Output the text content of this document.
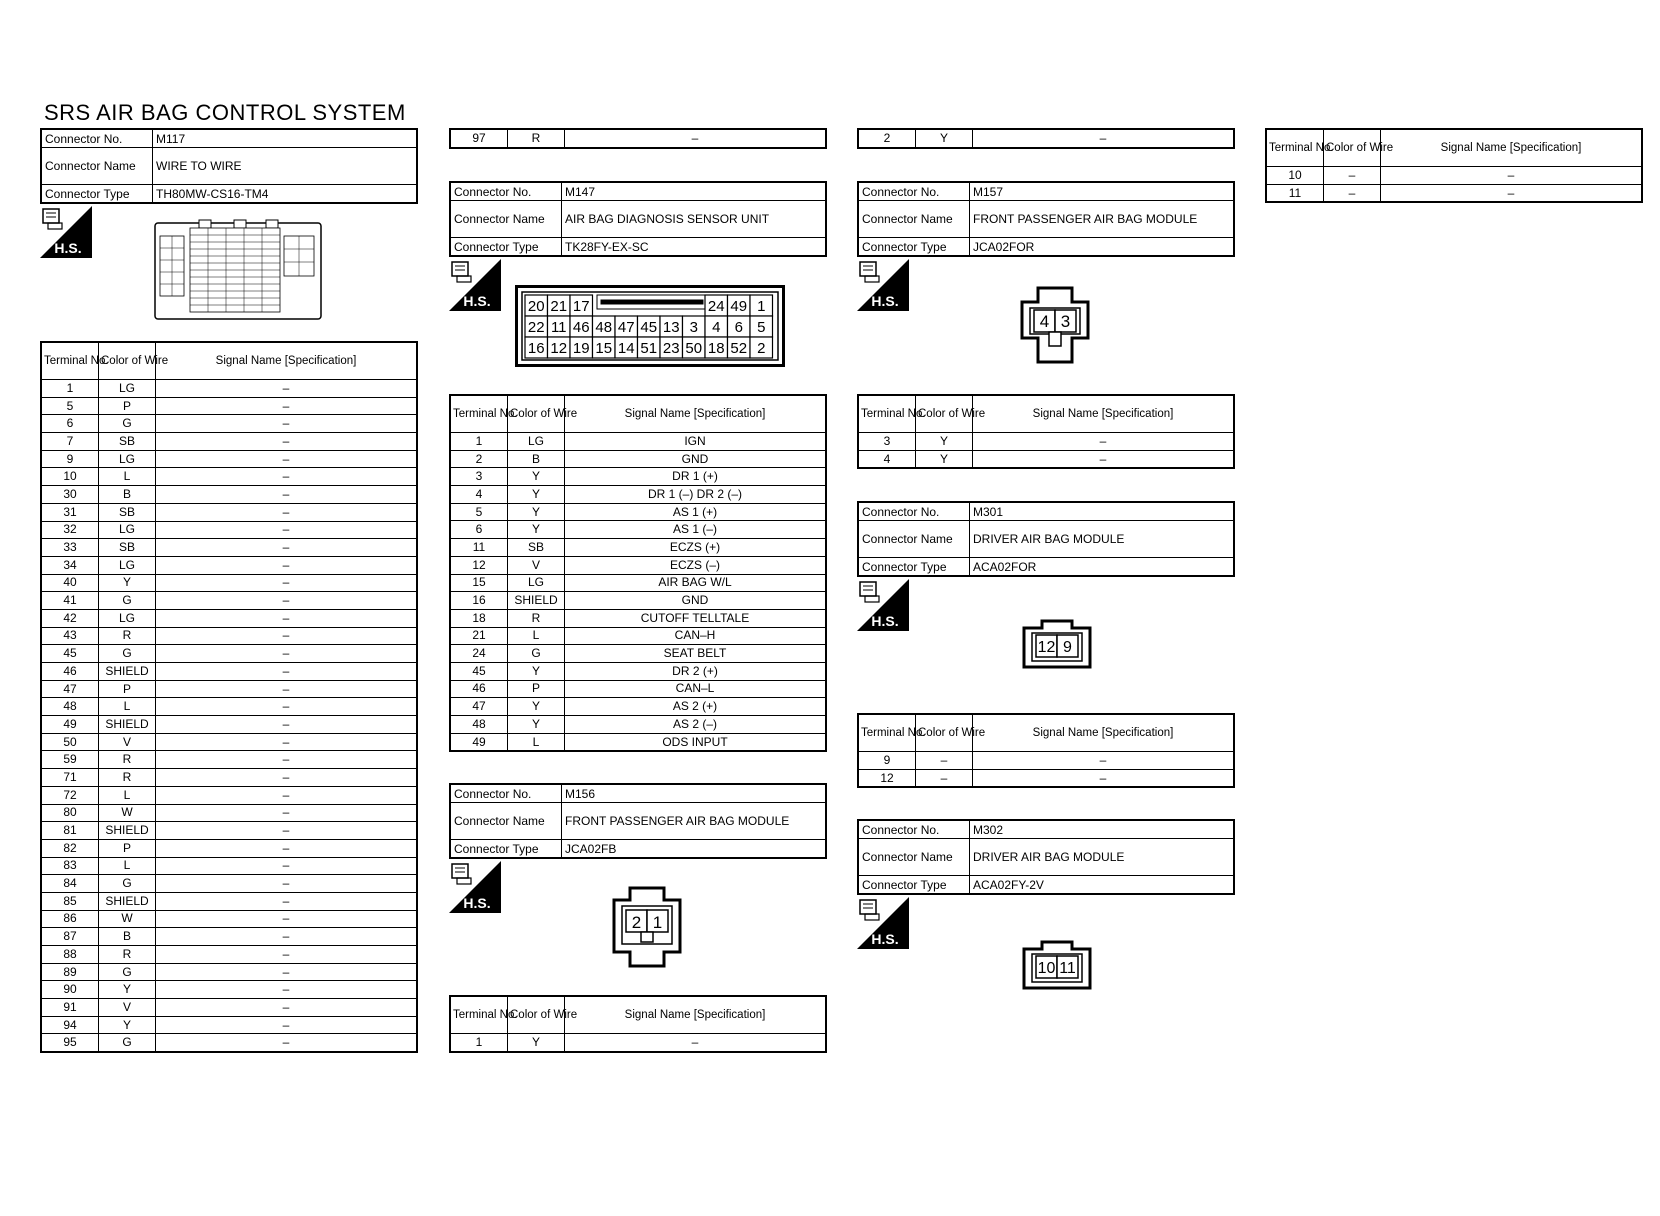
SRS AIR BAG CONTROL SYSTEM
Connector No.	M117
Connector Name	WIRE TO WIRE
Connector Type	TH80MW-CS16-TM4
H.S.
Terminal No.	Color of Wire	Signal Name [Specification]
1	LG	–
5	P	–
6	G	–
7	SB	–
9	LG	–
10	L	–
30	B	–
31	SB	–
32	LG	–
33	SB	–
34	LG	–
40	Y	–
41	G	–
42	LG	–
43	R	–
45	G	–
46	SHIELD	–
47	P	–
48	L	–
49	SHIELD	–
50	V	–
59	R	–
71	R	–
72	L	–
80	W	–
81	SHIELD	–
82	P	–
83	L	–
84	G	–
85	SHIELD	–
86	W	–
87	B	–
88	R	–
89	G	–
90	Y	–
91	V	–
94	Y	–
95	G	–
97	R	–
Connector No.	M147
Connector Name	AIR BAG DIAGNOSIS SENSOR UNIT
Connector Type	TK28FY-EX-SC
H.S. 20 21 17	24 49 1
22 11 46 48 47 45 13 3 4 6 5
16 12 19 15 14 51 23 50 18 52 2
Terminal No.	Color of Wire	Signal Name [Specification]
1	LG	IGN
2	B	GND
3	Y	DR 1 (+)
4	Y	DR 1 (–) DR 2 (–)
5	Y	AS 1 (+)
6	Y	AS 1 (–)
11	SB	ECZS (+)
12	V	ECZS (–)
15	LG	AIR BAG W/L
16	SHIELD	GND
18	R	CUTOFF TELLTALE
21	L	CAN–H
24	G	SEAT BELT
45	Y	DR 2 (+)
46	P	CAN–L
47	Y	AS 2 (+)
48	Y	AS 2 (–)
49	L	ODS INPUT
Connector No.	M156
Connector Name	FRONT PASSENGER AIR BAG MODULE
Connector Type	JCA02FB
H.S.
2 1
Terminal No.	Color of Wire	Signal Name [Specification]
1	Y	–
2	Y	–
Connector No.	M157
Connector Name	FRONT PASSENGER AIR BAG MODULE
Connector Type	JCA02FOR
H.S.
4 3
Terminal No.	Color of Wire	Signal Name [Specification]
3	Y	–
4	Y	–
Connector No.	M301
Connector Name	DRIVER AIR BAG MODULE
Connector Type	ACA02FOR
H.S.
12 9
Terminal No.	Color of Wire	Signal Name [Specification]
9	–	–
12	–	–
Connector No.	M302
Connector Name	DRIVER AIR BAG MODULE
Connector Type	ACA02FY-2V
H.S.
10 11
Terminal No.	Color of Wire	Signal Name [Specification]
10	–	–
11	–	–
